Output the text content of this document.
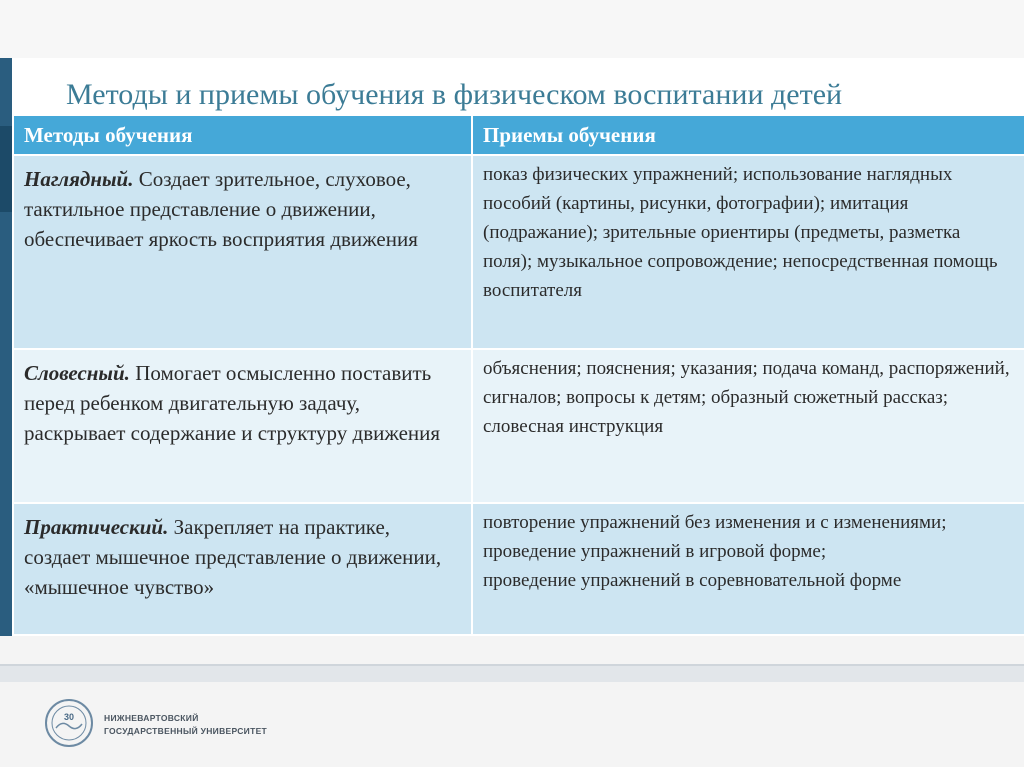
Методы и приемы обучения в физическом воспитании детей
Методы обучения	Приемы обучения
Наглядный. Создает зрительное, слуховое, тактильное представление о движении, обеспечивает яркость восприятия движения
показ физических упражнений; использование наглядных пособий (картины, рисунки, фотографии); имитация (подражание); зрительные ориентиры (предметы, разметка поля); музыкальное сопровождение; непосредственная помощь воспитателя
Словесный. Помогает осмысленно поставить перед ребенком двигательную задачу, раскрывает содержание и структуру движения
объяснения; пояснения; указания; подача команд, распоряжений, сигналов; вопросы к детям; образный сюжетный рассказ; словесная инструкция
Практический. Закрепляет на практике, создает мышечное представление о движении, «мышечное чувство»
повторение упражнений без изменения и с изменениями; проведение упражнений в игровой форме;
проведение упражнений в соревновательной форме
30	НИЖНЕВАРТОВСКИЙ
ГОСУДАРСТВЕННЫЙ УНИВЕРСИТЕТ
